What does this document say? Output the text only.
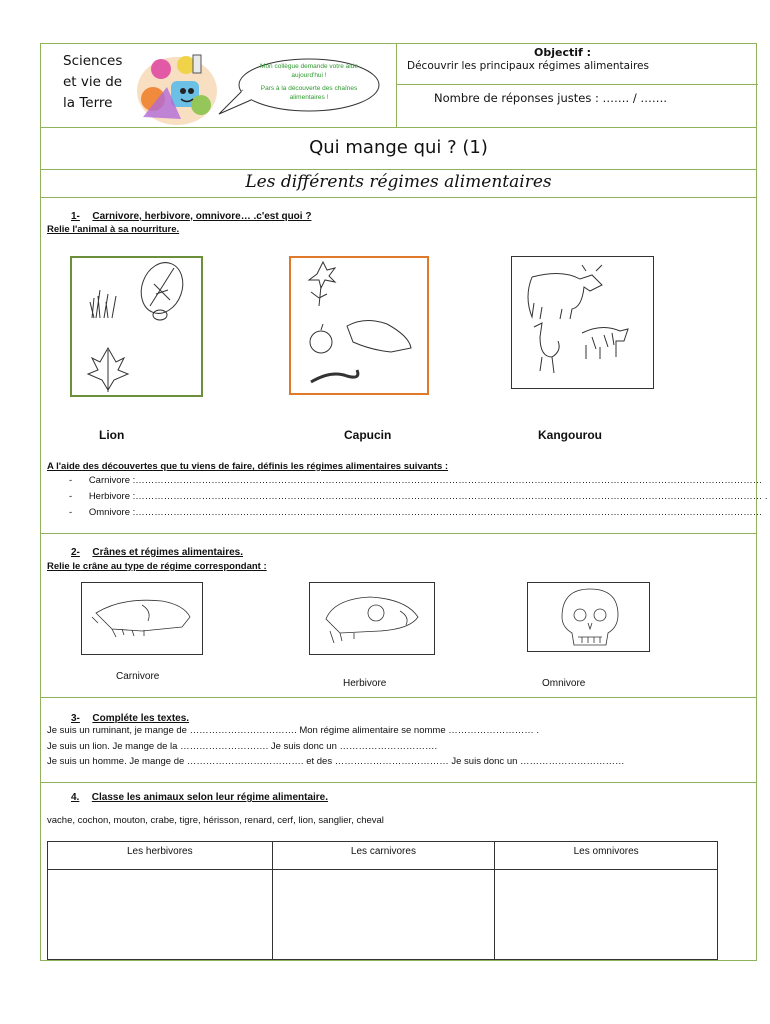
Sciences
et vie de
la Terre
Mon collègue demande votre aide aujourd'hui !
Pars à la découverte des chaînes alimentaires !
Objectif :
Découvrir les principaux régimes alimentaires
Nombre de réponses justes : ……. / …….
Qui mange qui ? (1)
Les différents régimes alimentaires
1- Carnivore, herbivore, omnivore… .c'est quoi ?
Relie l'animal à sa nourriture.
Lion	Capucin	Kangourou
A l'aide des découvertes que tu viens de faire, définis les régimes alimentaires suivants :
- Carnivore :………………………………………………………………………………………………………………………………………………………………………………
- Herbivore :……………………………………………………………………………………………………………………………………………………………………………… .
- Omnivore :………………………………………………………………………………………………………………………………………………………………………………
2- Crânes et régimes alimentaires.
Relie le crâne au type de régime correspondant :
Carnivore
Herbivore	Omnivore
3- Compléte les textes.
Je suis un ruminant, je mange de ……………………………. Mon régime alimentaire se nomme ……………………… .
Je suis un lion. Je mange de la ………………………. Je suis donc un ………………………….
Je suis un homme. Je mange de ………………………………. et des ……………………………… Je suis donc un ……………………………
4. Classe les animaux selon leur régime alimentaire.
vache, cochon, mouton, crabe, tigre, hérisson, renard, cerf, lion, sanglier, cheval
Les herbivores	Les carnivores	Les omnivores
